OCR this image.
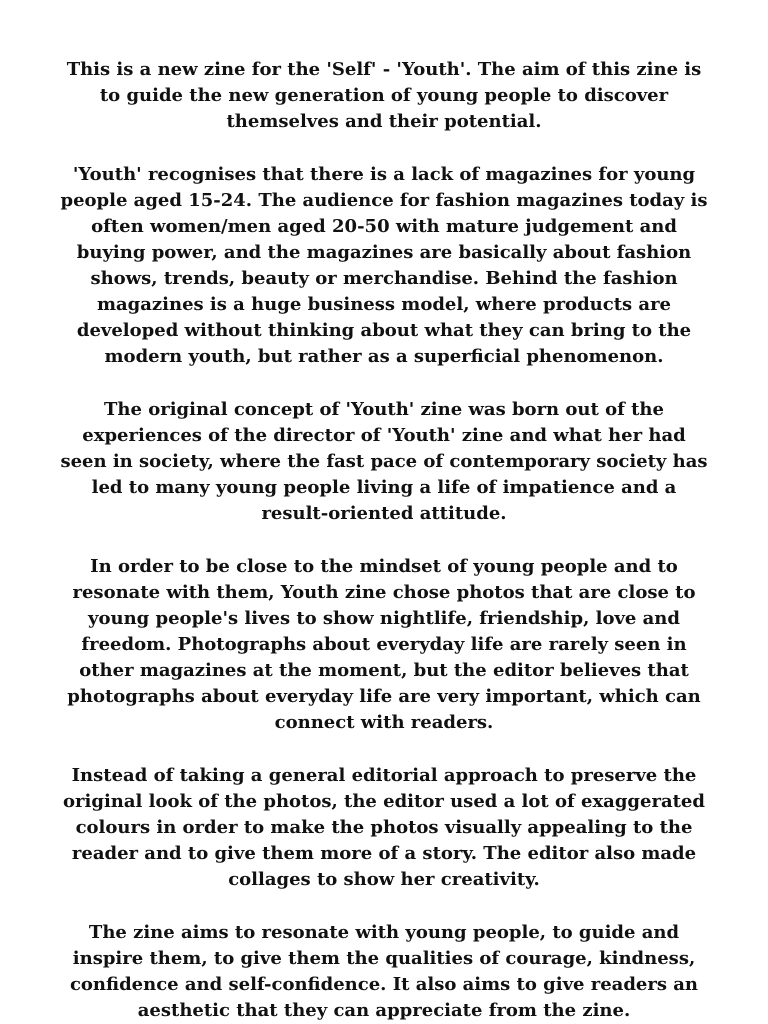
This is a new zine for the 'Self' - 'Youth'. The aim of this zine is to guide the new generation of young people to discover themselves and their potential.

'Youth' recognises that there is a lack of magazines for young people aged 15-24. The audience for fashion magazines today is often women/men aged 20-50 with mature judgement and buying power, and the magazines are basically about fashion shows, trends, beauty or merchandise. Behind the fashion magazines is a huge business model, where products are developed without thinking about what they can bring to the modern youth, but rather as a superficial phenomenon.

The original concept of 'Youth' zine was born out of the experiences of the director of 'Youth' zine and what her had seen in society, where the fast pace of contemporary society has led to many young people living a life of impatience and a result-oriented attitude.

In order to be close to the mindset of young people and to resonate with them, Youth zine chose photos that are close to young people's lives to show nightlife, friendship, love and freedom. Photographs about everyday life are rarely seen in other magazines at the moment, but the editor believes that photographs about everyday life are very important, which can connect with readers.

Instead of taking a general editorial approach to preserve the original look of the photos, the editor used a lot of exaggerated colours in order to make the photos visually appealing to the reader and to give them more of a story. The editor also made collages to show her creativity.

The zine aims to resonate with young people, to guide and inspire them, to give them the qualities of courage, kindness, confidence and self-confidence. It also aims to give readers an aesthetic that they can appreciate from the zine.
